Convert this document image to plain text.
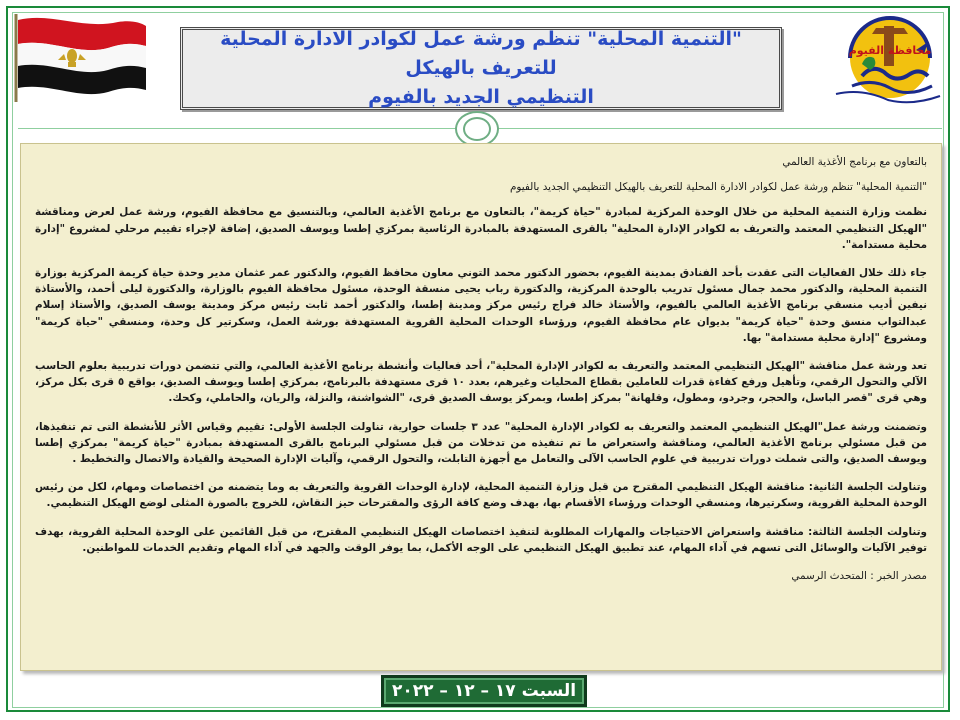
محافظة الفيوم
"التنمية المحلية" تنظم ورشة عمل لكوادر الادارة المحلية للتعريف بالهيكل
التنظيمي الجديد بالفيوم

بالتعاون مع برنامج الأغذية العالمي

"التنمية المحلية" تنظم ورشة عمل لكوادر الادارة المحلية للتعريف بالهيكل التنظيمي الجديد بالفيوم

نظمت وزارة التنمية المحلية من خلال الوحدة المركزية لمبادرة "حياة كريمة"، بالتعاون مع برنامج الأغذية العالمي، وبالتنسيق مع محافظة الفيوم، ورشة عمل لعرض ومناقشة "الهيكل التنظيمي المعتمد والتعريف به لكوادر الإدارة المحلية" بالقرى المستهدفة بالمبادرة الرئاسية بمركزي إطسا ويوسف الصديق، إضافة لإجراء تقييم مرحلي لمشروع "إدارة محلية مستدامة".

جاء ذلك خلال الفعاليات التى عقدت بأحد الفنادق بمدينة الفيوم، بحضور الدكتور محمد التوني معاون محافظ الفيوم، والدكتور عمر عثمان مدير وحدة حياة كريمة المركزية بوزارة التنمية المحلية، والدكتور محمد جمال مسئول تدريب بالوحدة المركزية، والدكتورة رباب يحيى منسقة الوحدة، مسئول محافظة الفيوم بالوزارة، والدكتورة ليلى أحمد، والأستاذة نيفين أديب منسقي برنامج الأغذية العالمي بالفيوم، والأستاذ خالد فراج رئيس مركز ومدينة إطسا، والدكتور أحمد ثابت رئيس مركز ومدينة يوسف الصديق، والأستاذ إسلام عبدالتواب منسق وحدة "حياة كريمة" بديوان عام محافظة الفيوم، ورؤساء الوحدات المحلية القروية المستهدفة بورشة العمل، وسكرتير كل وحدة، ومنسقي "حياة كريمة" ومشروع "إدارة محلية مستدامة" بها.

تعد ورشة عمل مناقشة "الهيكل التنظيمي المعتمد والتعريف به لكوادر الإدارة المحلية"، أحد فعاليات وأنشطة برنامج الأغذية العالمي، والتي تتضمن دورات تدريبية بعلوم الحاسب الآلي والتحول الرقمي، وتأهيل ورفع كفاءة قدرات للعاملين بقطاع المحليات وغيرهم، بعدد ١٠ قرى مستهدفة بالبرنامج، بمركزي إطسا ويوسف الصديق، بواقع ٥ قرى بكل مركز، وهي قرى "قصر الباسل، والحجر، وجردو، ومطول، وقلهانة" بمركز إطسا، وبمركز يوسف الصديق قرى، "الشواشنة، والنزلة، والريان، والحاملي، وكحك.

وتضمنت ورشة عمل"الهيكل التنظيمي المعتمد والتعريف به لكوادر الإدارة المحلية" عدد ٣ جلسات حوارية، تناولت الجلسة الأولى: تقييم وقياس الأثر للأنشطة التى تم تنفيذها، من قبل مسئولي برنامج الأغذية العالمي، ومناقشة واستعراض ما تم تنفيذه من تدخلات من قبل مسئولي البرنامج بالقرى المستهدفة بمبادرة "حياة كريمة" بمركزي إطسا ويوسف الصديق، والتى شملت دورات تدريبية في علوم الحاسب الآلى والتعامل مع أجهزة التابلت، والتحول الرقمي، وآليات الإدارة الصحيحة والقيادة والاتصال والتخطيط .

وتناولت الجلسة الثانية: مناقشة الهيكل التنظيمي المقترح من قبل وزارة التنمية المحلية، لإدارة الوحدات القروية والتعريف به وما يتضمنه من اختصاصات ومهام، لكل من رئيس الوحدة المحلية القروية، وسكرتيرها، ومنسقي الوحدات ورؤساء الأقسام بها، بهدف وضع كافة الرؤى والمقترحات حيز النقاش، للخروج بالصورة المثلى لوضع الهيكل التنظيمي.

وتناولت الجلسة الثالثة: مناقشة واستعراض الاحتياجات والمهارات المطلوبة لتنفيذ اختصاصات الهيكل التنظيمي المقترح، من قبل القائمين على الوحدة المحلية القروية، بهدف توفير الآليات والوسائل التى تسهم في آداء المهام، عند تطبيق الهيكل التنظيمي على الوجه الأكمل، بما يوفر الوقت والجهد في آداء المهام وتقديم الخدمات للمواطنين.

مصدر الخبر : المتحدث الرسمي

السبت ١٧ – ١٢ – ٢٠٢٢
